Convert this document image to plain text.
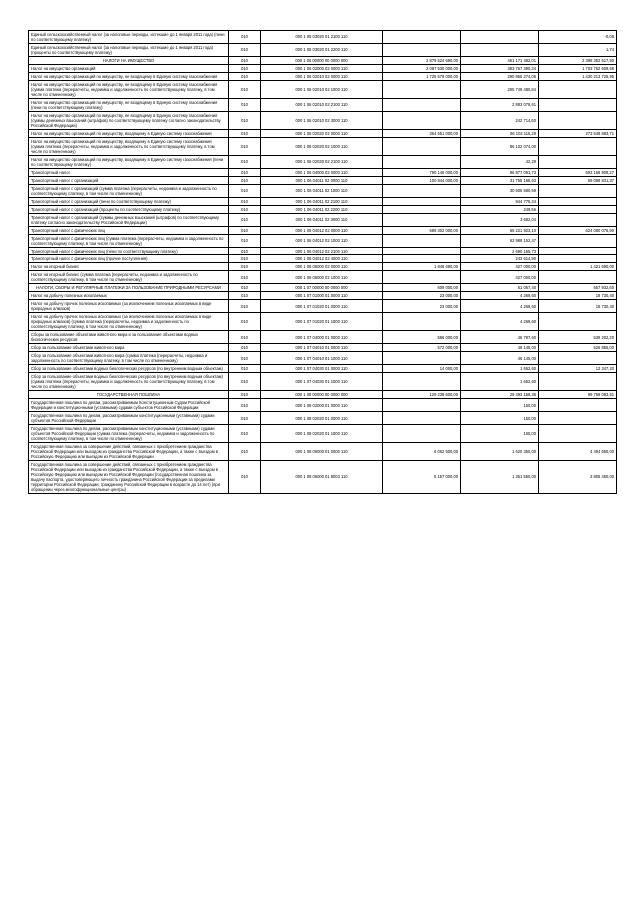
Единый сельскохозяйственный налог (за налоговые периоды, истекшие до 1 января 2011 года) (пени по соответствующему платежу)	010	000 1 05 03020 01 2100 110			-0,08
Единый сельскохозяйственный налог (за налоговые периоды, истекшие до 1 января 2011 года) (проценты по соответствующему платежу)	010	000 1 05 03020 01 2200 110			1,74
НАЛОГИ НА ИМУЩЕСТВО	010	000 1 06 00000 00 0000 000	2 879 524 690,00	461 171 482,01	2 398 352 517,50
Налог на имущество организаций	010	000 1 06 02000 02 0000 110	2 087 530 000,00	383 767 390,34	1 703 762 609,66
Налог на имущество организаций по имуществу, не входящему в Единую систему газоснабжения	010	000 1 06 02010 02 0000 110	1 725 579 000,00	290 855 274,05	1 430 213 725,95
Налог на имущество организаций по имуществу, не входящему в Единую систему газоснабжения (сумма платежа (перерасчеты, недоимка и задолженность по соответствующему платежу, в том числе по отмененному)	010	000 1 06 02010 02 1000 110		295 749 480,84	
Налог на имущество организаций по имуществу, не входящему в Единую систему газоснабжения (пени по соответствующему платежу)	010	000 1 06 02010 02 2100 110		2 883 078,61	
Налог на имущество организаций по имуществу, не входящему в Единую систему газоснабжения (суммы денежных взысканий (штрафов) по соответствующему платежу согласно законодательству Российской Федерации)	010	000 1 06 02010 02 3000 110		242 714,60	
Налог на имущество организаций по имуществу, входящему в Единую систему газоснабжения	010	000 1 06 02020 02 0000 110	364 651 000,00	86 102 116,29	273 548 883,71
Налог на имущество организаций по имуществу, входящему в Единую систему газоснабжения (сумма платежа (перерасчеты, недоимка и задолженность по соответствующему платежу, в том числе по отмененному)	010	000 1 06 02020 02 1000 110		86 102 074,00	
Налог на имущество организаций по имуществу, входящему в Единую систему газоснабжения (пени по соответствующему платежу)	010	000 1 06 02020 02 2100 110		42,29	
Транспортный налог	010	000 1 06 04000 02 0000 110	790 146 000,00	96 977 091,73	693 168 908,27
Транспортный налог с организаций	010	000 1 06 04011 02 0000 110	100 844 000,00	31 755 168,63	69 088 831,37
Транспортный налог с организаций (сумма платежа (перерасчеты, недоимка и задолженность по соответствующему платежу, в том числе по отмененному)	010	000 1 06 04011 02 1000 110		30 606 580,69	
Транспортный налог с организаций (пени по соответствующему платежу)	010	000 1 06 04011 02 2100 110		944 775,34	
Транспортный налог с организаций (проценты по соответствующему платежу)	010	000 1 06 04011 02 2200 110		249,56	
Транспортный налог с организаций (суммы денежных взысканий (штрафов) по соответствующему платежу согласно законодательству Российской Федерации)	010	000 1 06 04011 02 3000 110		3 682,04	
Транспортный налог с физических лиц	010	000 1 06 04012 02 0000 110	689 302 000,00	65 221 923,10	624 080 076,90
Транспортный налог с физических лиц (сумма платежа (перерасчеты, недоимка и задолженность по соответствующему платежу, в том числе по отмененному)	010	000 1 06 04012 02 1000 110		62 988 152,47	
Транспортный налог с физических лиц (пени по соответствующему платежу)	010	000 1 06 04012 02 2100 110		2 690 155,73	
Транспортный налог с физических лиц (прочие поступления)	010	000 1 06 04012 02 4000 110		243 614,90	
Налог на игорный бизнес	010	000 1 06 05000 02 0000 110	1 848 690,00	427 000,00	1 421 690,00
Налог на игорный бизнес (сумма платежа (перерасчеты, недоимка и задолженность по соответствующему платежу, в том числе по отмененному)	010	000 1 06 05000 02 1000 110		427 000,00	
НАЛОГИ, СБОРЫ И РЕГУЛЯРНЫЕ ПЛАТЕЖИ ЗА ПОЛЬЗОВАНИЕ ПРИРОДНЫМИ РЕСУРСАМИ	010	000 1 07 00000 00 0000 000	609 000,00	51 067,40	557 932,60
Налог на добычу полезных ископаемых	010	000 1 07 01000 01 0000 110	23 000,00	4 269,60	18 730,40
Налог на добычу прочих полезных ископаемых (за исключением полезных ископаемых в виде природных алмазов)	010	000 1 07 01020 01 0000 110	23 000,00	4 269,60	18 730,40
Налог на добычу прочих полезных ископаемых (за исключением полезных ископаемых в виде природных алмазов) (сумма платежа (перерасчеты, недоимка и задолженность по соответствующему платежу, в том числе по отмененному)	010	000 1 07 01020 01 1000 110		4 269,60	
Сборы за пользование объектами животного мира и за пользование объектами водных биологических ресурсов	010	000 1 07 04000 01 0000 110	586 000,00	46 797,60	539 202,20
Сбор за пользование объектами животного мира	010	000 1 07 04010 01 0000 110	572 000,00	46 145,00	526 855,00
Сбор за пользование объектами животного мира (сумма платежа (перерасчеты, недоимка и задолженность по соответствующему платежу, в том числе по отмененному)	010	000 1 07 04010 01 1000 110		46 145,00	
Сбор за пользование объектами водных биологических ресурсов (по внутренним водным объектам)	010	000 1 07 04030 01 0000 110	14 000,00	1 652,60	12 347,20
Сбор за пользование объектами водных биологических ресурсов (по внутренним водным объектам) (сумма платежа (перерасчеты, недоимка и задолженность по соответствующему платежу, в том числе по отмененному)	010	000 1 07 04030 01 1000 110		1 652,60	
ГОСУДАРСТВЕННАЯ ПОШЛИНА	010	000 1 08 00000 00 0000 000	129 239 600,00	29 493 158,36	99 759 083,51
Государственная пошлина по делам, рассматриваемым Конституционным Судом Российской Федерации и конституционными (уставными) судами субъектов Российской Федерации	010	000 1 08 02000 01 0000 110		150,00	
Государственная пошлина по делам, рассматриваемым конституционными (уставными) судами субъектов Российской Федерации	010	000 1 08 02020 01 0000 110		150,00	
Государственная пошлина по делам, рассматриваемым конституционными (уставными) судами субъектов Российской Федерации (сумма платежа (перерасчеты, недоимка и задолженность по соответствующему платежу, в том числе по отмененному)	010	000 1 08 02020 01 1000 110		150,00	
Государственная пошлина за совершение действий, связанных с приобретением гражданства Российской Федерации или выходом из гражданства Российской Федерации, а также с въездом в Российскую Федерацию или выездом из Российской Федерации	010	000 1 08 06000 01 0000 110	6 062 500,00	1 620 350,00	4 494 650,00
Государственная пошлина за совершение действий, связанных с приобретением гражданства Российской Федерации или выходом из гражданства Российской Федерации, а также с въездом в Российскую Федерацию или выездом из Российской Федерации (государственная пошлина за выдачу паспорта, удостоверяющего личность гражданина Российской Федерации за пределами территории Российской Федерации, гражданину Российской Федерации в возрасте до 14 лет) (при обращении через многофункциональные центры)	010	000 1 08 06000 01 8003 110	5 157 000,00	1 351 550,00	3 805 450,00
